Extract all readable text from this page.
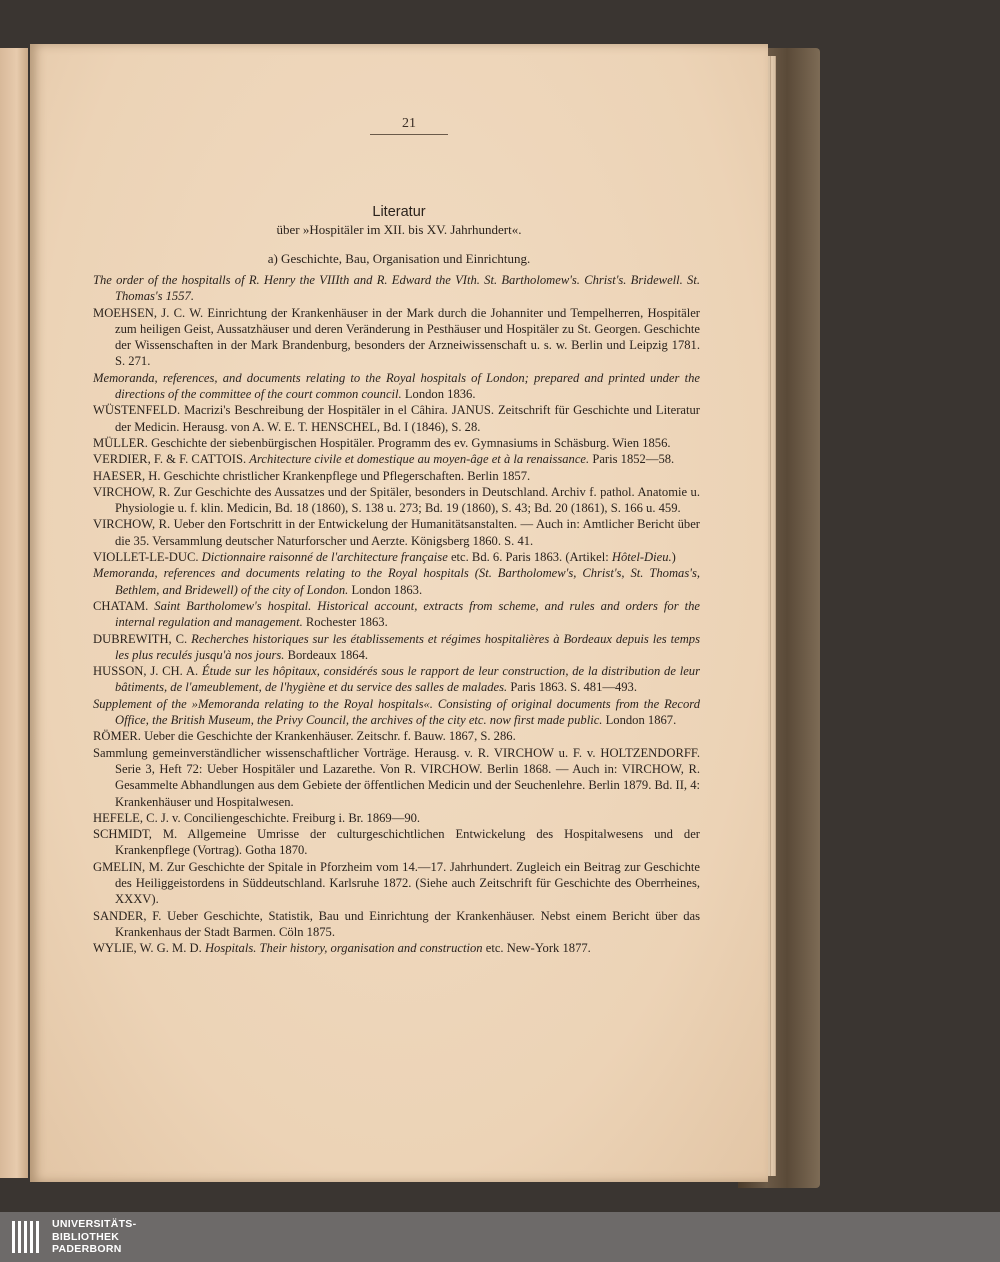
21
Literatur
über »Hospitäler im XII. bis XV. Jahrhundert«.
a) Geschichte, Bau, Organisation und Einrichtung.

The order of the hospitalls of R. Henry the VIIIth and R. Edward the VIth. St. Bartholomew's. Christ's. Bridewell. St. Thomas's 1557.

MOEHSEN, J. C. W. Einrichtung der Krankenhäuser in der Mark durch die Johanniter und Tempelherren, Hospitäler zum heiligen Geist, Aussatzhäuser und deren Veränderung in Pesthäuser und Hospitäler zu St. Georgen. Geschichte der Wissenschaften in der Mark Brandenburg, besonders der Arzneiwissenschaft u. s. w. Berlin und Leipzig 1781. S. 271.

Memoranda, references, and documents relating to the Royal hospitals of London; prepared and printed under the directions of the committee of the court common council. London 1836.

WÜSTENFELD. Macrizi's Beschreibung der Hospitäler in el Câhira. JANUS. Zeitschrift für Geschichte und Literatur der Medicin. Herausg. von A. W. E. T. HENSCHEL, Bd. I (1846), S. 28.

MÜLLER. Geschichte der siebenbürgischen Hospitäler. Programm des ev. Gymnasiums in Schäsburg. Wien 1856.

VERDIER, F. & F. CATTOIS. Architecture civile et domestique au moyen-âge et à la renaissance. Paris 1852—58.

HAESER, H. Geschichte christlicher Krankenpflege und Pflegerschaften. Berlin 1857.

VIRCHOW, R. Zur Geschichte des Aussatzes und der Spitäler, besonders in Deutschland. Archiv f. pathol. Anatomie u. Physiologie u. f. klin. Medicin, Bd. 18 (1860), S. 138 u. 273; Bd. 19 (1860), S. 43; Bd. 20 (1861), S. 166 u. 459.

VIRCHOW, R. Ueber den Fortschritt in der Entwickelung der Humanitätsanstalten. — Auch in: Amtlicher Bericht über die 35. Versammlung deutscher Naturforscher und Aerzte. Königsberg 1860. S. 41.

VIOLLET-LE-DUC. Dictionnaire raisonné de l'architecture française etc. Bd. 6. Paris 1863. (Artikel: Hôtel-Dieu.)

Memoranda, references and documents relating to the Royal hospitals (St. Bartholomew's, Christ's, St. Thomas's, Bethlem, and Bridewell) of the city of London. London 1863.

CHATAM. Saint Bartholomew's hospital. Historical account, extracts from scheme, and rules and orders for the internal regulation and management. Rochester 1863.

DUBREWITH, C. Recherches historiques sur les établissements et régimes hospitalières à Bordeaux depuis les temps les plus reculés jusqu'à nos jours. Bordeaux 1864.

HUSSON, J. CH. A. Étude sur les hôpitaux, considérés sous le rapport de leur construction, de la distribution de leur bâtiments, de l'ameublement, de l'hygiène et du service des salles de malades. Paris 1863. S. 481—493.

Supplement of the »Memoranda relating to the Royal hospitals«. Consisting of original documents from the Record Office, the British Museum, the Privy Council, the archives of the city etc. now first made public. London 1867.

RÖMER. Ueber die Geschichte der Krankenhäuser. Zeitschr. f. Bauw. 1867, S. 286.

Sammlung gemeinverständlicher wissenschaftlicher Vorträge. Herausg. v. R. VIRCHOW u. F. v. HOLTZENDORFF. Serie 3, Heft 72: Ueber Hospitäler und Lazarethe. Von R. VIRCHOW. Berlin 1868. — Auch in: VIRCHOW, R. Gesammelte Abhandlungen aus dem Gebiete der öffentlichen Medicin und der Seuchenlehre. Berlin 1879. Bd. II, 4: Krankenhäuser und Hospitalwesen.

HEFELE, C. J. v. Conciliengeschichte. Freiburg i. Br. 1869—90.

SCHMIDT, M. Allgemeine Umrisse der culturgeschichtlichen Entwickelung des Hospitalwesens und der Krankenpflege (Vortrag). Gotha 1870.

GMELIN, M. Zur Geschichte der Spitale in Pforzheim vom 14.—17. Jahrhundert. Zugleich ein Beitrag zur Geschichte des Heiliggeistordens in Süddeutschland. Karlsruhe 1872. (Siehe auch Zeitschrift für Geschichte des Oberrheines, XXXV).

SANDER, F. Ueber Geschichte, Statistik, Bau und Einrichtung der Krankenhäuser. Nebst einem Bericht über das Krankenhaus der Stadt Barmen. Cöln 1875.

WYLIE, W. G. M. D. Hospitals. Their history, organisation and construction etc. New-York 1877.

UNIVERSITÄTS-
BIBLIOTHEK
PADERBORN
